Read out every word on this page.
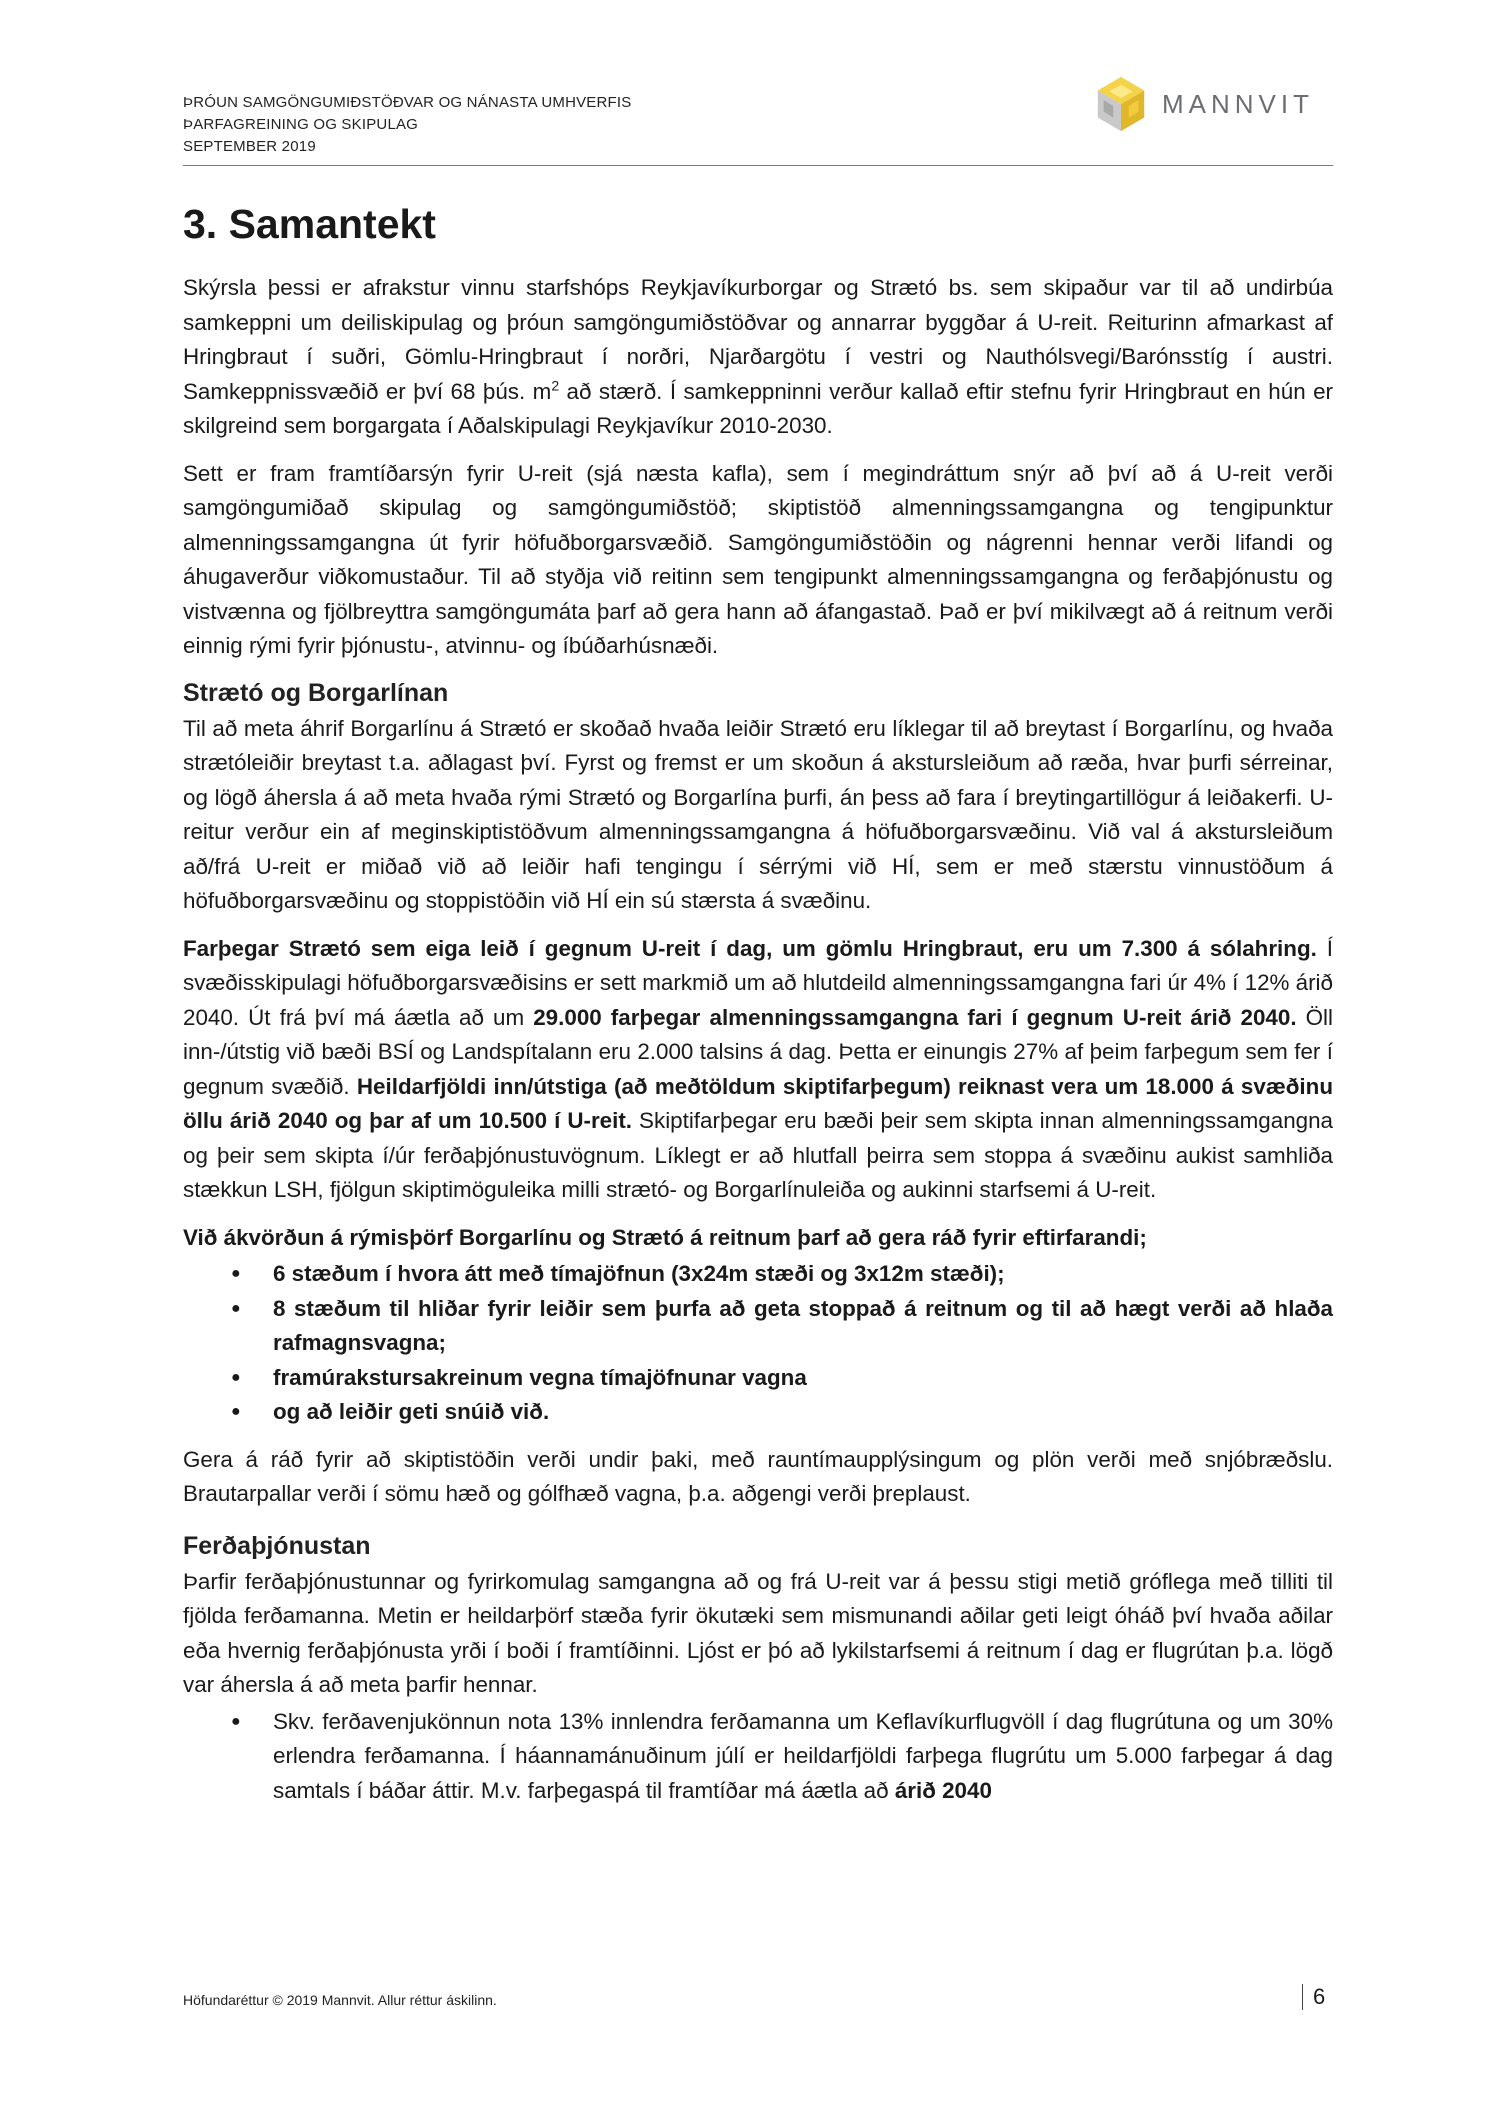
ÞRÓUN SAMGÖNGUMIÐSTÖÐVAR OG NÁNASTA UMHVERFIS
ÞARFAGREINING OG SKIPULAG
SEPTEMBER 2019
MANNVIT
3. Samantekt

Skýrsla þessi er afrakstur vinnu starfshóps Reykjavíkurborgar og Strætó bs. sem skipaður var til að undirbúa samkeppni um deiliskipulag og þróun samgöngumiðstöðvar og annarrar byggðar á U-reit. Reiturinn afmarkast af Hringbraut í suðri, Gömlu-Hringbraut í norðri, Njarðargötu í vestri og Nauthólsvegi/Barónsstíg í austri. Samkeppnissvæðið er því 68 þús. $m^2$ að stærð. Í samkeppninni verður kallað eftir stefnu fyrir Hringbraut en hún er skilgreind sem borgargata í Aðalskipulagi Reykjavíkur 2010-2030.

Sett er fram framtíðarsýn fyrir U-reit (sjá næsta kafla), sem í megindráttum snýr að því að á U-reit verði samgöngumiðað skipulag og samgöngumiðstöð; skiptistöð almenningssamgangna og tengipunktur almenningssamgangna út fyrir höfuðborgarsvæðið. Samgöngumiðstöðin og nágrenni hennar verði lifandi og áhugaverður viðkomustaður. Til að styðja við reitinn sem tengipunkt almenningssamgangna og ferðaþjónustu og vistvænna og fjölbreyttra samgöngumáta þarf að gera hann að áfangastað. Það er því mikilvægt að á reitnum verði einnig rými fyrir þjónustu-, atvinnu- og íbúðarhúsnæði.

Strætó og Borgarlínan

Til að meta áhrif Borgarlínu á Strætó er skoðað hvaða leiðir Strætó eru líklegar til að breytast í Borgarlínu, og hvaða strætóleiðir breytast t.a. aðlagast því. Fyrst og fremst er um skoðun á akstursleiðum að ræða, hvar þurfi sérreinar, og lögð áhersla á að meta hvaða rými Strætó og Borgarlína þurfi, án þess að fara í breytingartillögur á leiðakerfi. U-reitur verður ein af meginskiptistöðvum almenningssamgangna á höfuðborgarsvæðinu. Við val á akstursleiðum að/frá U-reit er miðað við að leiðir hafi tengingu í sérrými við HÍ, sem er með stærstu vinnustöðum á höfuðborgarsvæðinu og stoppistöðin við HÍ ein sú stærsta á svæðinu.

Farþegar Strætó sem eiga leið í gegnum U-reit í dag, um gömlu Hringbraut, eru um 7.300 á sólahring. Í svæðisskipulagi höfuðborgarsvæðisins er sett markmið um að hlutdeild almenningssamgangna fari úr 4% í 12% árið 2040. Út frá því má áætla að um 29.000 farþegar almenningssamgangna fari í gegnum U-reit árið 2040. Öll inn-/útstig við bæði BSÍ og Landspítalann eru 2.000 talsins á dag. Þetta er einungis 27% af þeim farþegum sem fer í gegnum svæðið. Heildarfjöldi inn/útstiga (að meðtöldum skiptifarþegum) reiknast vera um 18.000 á svæðinu öllu árið 2040 og þar af um 10.500 í U-reit. Skiptifarþegar eru bæði þeir sem skipta innan almenningssamgangna og þeir sem skipta í/úr ferðaþjónustuvögnum. Líklegt er að hlutfall þeirra sem stoppa á svæðinu aukist samhliða stækkun LSH, fjölgun skiptimöguleika milli strætó- og Borgarlínuleiða og aukinni starfsemi á U-reit.

Við ákvörðun á rýmisþörf Borgarlínu og Strætó á reitnum þarf að gera ráð fyrir eftirfarandi;

● 6 stæðum í hvora átt með tímajöfnun (3x24m stæði og 3x12m stæði);
● 8 stæðum til hliðar fyrir leiðir sem þurfa að geta stoppað á reitnum og til að hægt verði að hlaða rafmagnsvagna;
● framúrakstursakreinum vegna tímajöfnunar vagna
● og að leiðir geti snúið við.

Gera á ráð fyrir að skiptistöðin verði undir þaki, með rauntímaupplýsingum og plön verði með snjóbræðslu. Brautarpallar verði í sömu hæð og gólfhæð vagna, þ.a. aðgengi verði þreplaust.

Ferðaþjónustan

Þarfir ferðaþjónustunnar og fyrirkomulag samgangna að og frá U-reit var á þessu stigi metið gróflega með tilliti til fjölda ferðamanna. Metin er heildarþörf stæða fyrir ökutæki sem mismunandi aðilar geti leigt óháð því hvaða aðilar eða hvernig ferðaþjónusta yrði í boði í framtíðinni. Ljóst er þó að lykilstarfsemi á reitnum í dag er flugrútan þ.a. lögð var áhersla á að meta þarfir hennar.

● Skv. ferðavenjukönnun nota 13% innlendra ferðamanna um Keflavíkurflugvöll í dag flugrútuna og um 30% erlendra ferðamanna. Í háannamánuðinum júlí er heildarfjöldi farþega flugrútu um 5.000 farþegar á dag samtals í báðar áttir. M.v. farþegaspá til framtíðar má áætla að árið 2040
Höfundaréttur © 2019 Mannvit. Allur réttur áskilinn.	6
